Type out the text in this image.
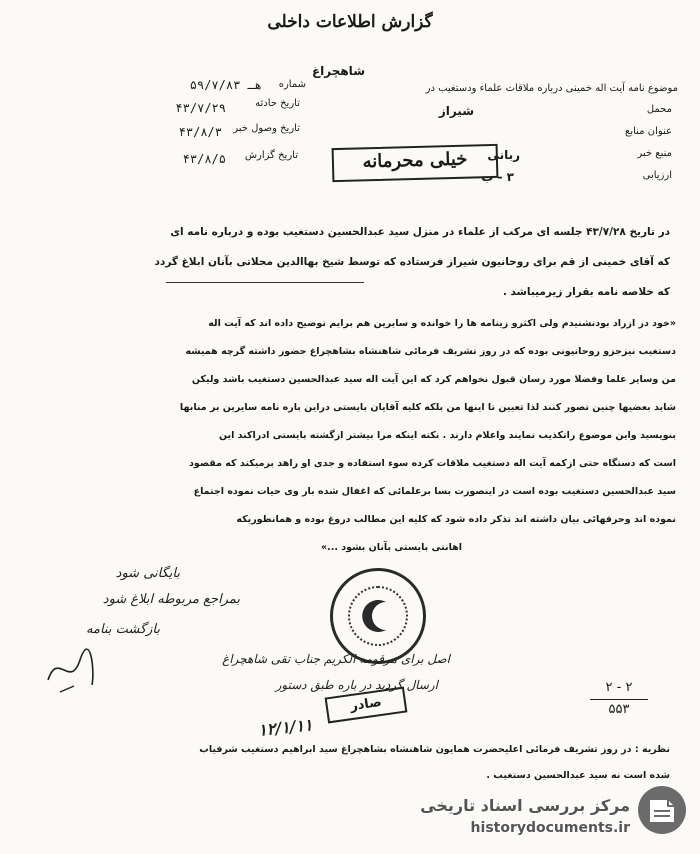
گزارش اطلاعات داخلی
شاهچراغ
موضوع نامه آیت اله خمینی درباره ملاقات علماء ودستغیب در
شماره
۵۹/۷/۸۳ هـ
محمل
شیراز
تاریخ حادثه
۴۳/۷/۲۹
عنوان منابع
تاریخ وصول خبر
۴۳/۸/۳
منبع خبر
ربانی
تاریخ گزارش
۴۳/۸/۵
ارزیابی
۳ - ب
خیلی محرمانه
در تاریخ ۴۳/۷/۲۸ جلسه ای مرکب از علماء در منزل سید عبدالحسین دستغیب بوده و درباره نامه ای
که آقای خمینی از قم برای روحانیون شیراز فرستاده که توسط شیخ بهاالدین محلاتی بآنان ابلاغ گردد
که خلاصه نامه بقرار زیرمیباشد .
«خود در ازراد بودنشنیدم ولی اکثرو زینامه ها را خوانده و سایرین هم برایم توضیح داده اند که آیت اله
دستغیب نیزجزو روحانیونی بوده که در روز تشریف فرمائی شاهنشاه بشاهچراغ حضور داشته گرچه همیشه
من وسایر علما وفضلا مورد رسان قبول نخواهم کرد که این آیت اله سید عبدالحسین دستغیب باشد ولیکن
شاید بعضیها چنین تصور کنند لذا تعیین تا اینها من بلکه کلیه آقایان بایستی دراین باره نامه سایرین بر منابها
بنویسید واین موضوع راتکذیب نمایند واعلام دارند . نکته اینکه مرا بیشتر ازگشته بایستی ادراکند این
است که دستگاه حتی ازکمه آیت اله دستغیب ملاقات کرده سوء استفاده و جدی او راهد برمیکند که مقصود
سید عبدالحسین دستغیب بوده است در اینصورت بسا برعلمائی که اغفال شده بار وی حیات نموده اجتماع
نموده اند وحرفهائی بیان داشته اند تذکر داده شود که کلیه این مطالب دروغ بوده و همانطوریکه
اهانتی بایستی بآنان بشود ...»
بایگانی شود
بمراجع مربوطه ابلاغ شود
بازگشت بنامه
اصل برای مرقومه الکریم جناب تقی شاهچراغ
ارسال گردید در باره طبق دستور	۲ - ۲
۵۵۳
صادر
۱۲/۱/۱۱
نظریه : در روز تشریف فرمائی اعلیحضرت همایون شاهنشاه بشاهچراغ سید ابراهیم دستغیب شرفیاب
شده است نه سید عبدالحسین دستغیب .
مرکز بررسی اسناد تاریخی
historydocuments.ir
